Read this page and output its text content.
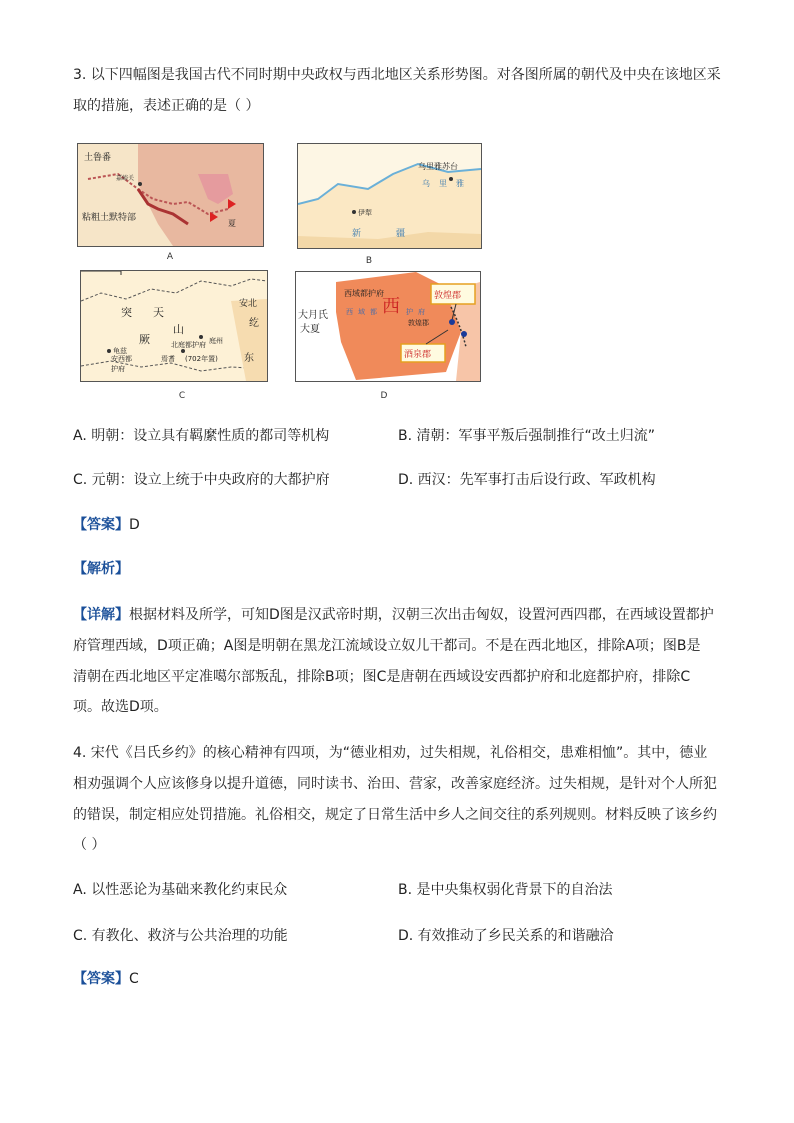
3. 以下四幅图是我国古代不同时期中央政权与西北地区关系形势图。对各图所属的朝代及中央在该地区采
取的措施，表述正确的是（ ）
土鲁番
嘉峪关
粘粗土默特部
夏
A
乌里雅苏台
乌 里 雅
伊犁
新	疆
B
安北
突 天
山
北庭都护府
安西都
庭州
护府
(702年置)
厥
东
纥
龟兹
焉耆
C
西域都护府
西
大月氏
大夏
敦煌郡
敦煌郡
酒泉郡
西 域 都	护 府
D
A. 明朝：设立具有羁縻性质的都司等机构	B. 清朝：军事平叛后强制推行“改土归流”
C. 元朝：设立上统于中央政府的大都护府	D. 西汉：先军事打击后设行政、军政机构
【答案】D
【解析】
【详解】根据材料及所学，可知D图是汉武帝时期，汉朝三次出击匈奴，设置河西四郡，在西域设置都护
府管理西域，D项正确；A图是明朝在黑龙江流域设立奴儿干都司。不是在西北地区，排除A项；图B是
清朝在西北地区平定准噶尔部叛乱，排除B项；图C是唐朝在西域设安西都护府和北庭都护府，排除C
项。故选D项。
4. 宋代《吕氏乡约》的核心精神有四项，为“德业相劝，过失相规，礼俗相交，患难相恤”。其中，德业
相劝强调个人应该修身以提升道德，同时读书、治田、营家，改善家庭经济。过失相规，是针对个人所犯
的错误，制定相应处罚措施。礼俗相交，规定了日常生活中乡人之间交往的系列规则。材料反映了该乡约
（ ）
A. 以性恶论为基础来教化约束民众	B. 是中央集权弱化背景下的自治法
C. 有教化、救济与公共治理的功能	D. 有效推动了乡民关系的和谐融洽
【答案】C
